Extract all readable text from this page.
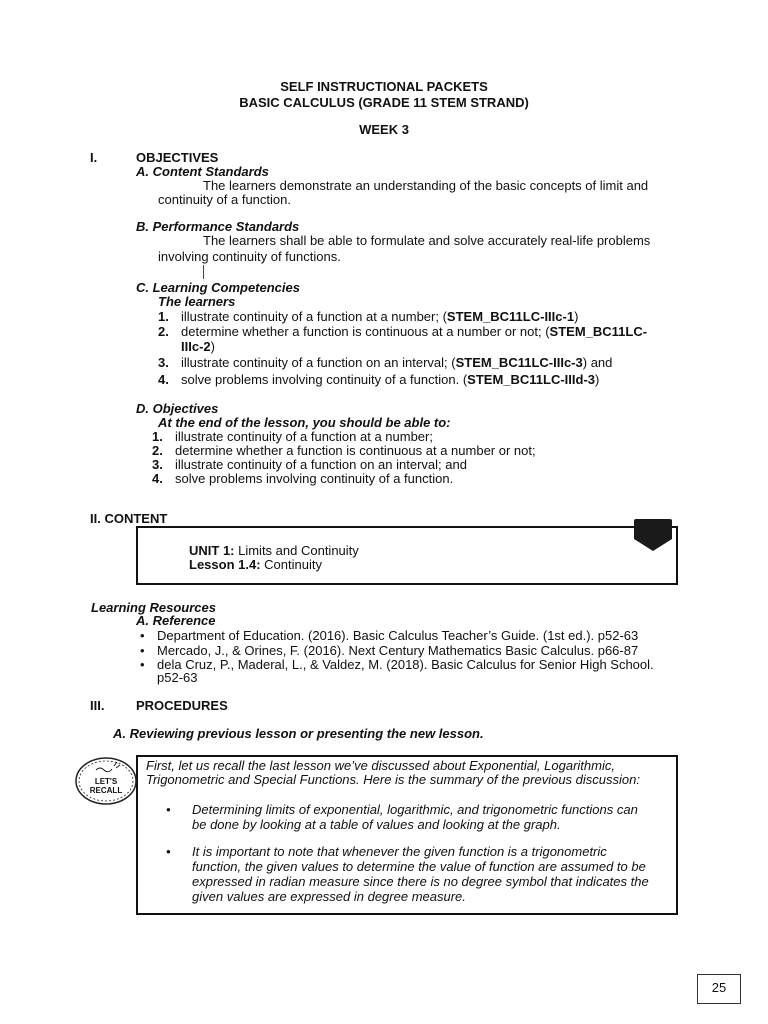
SELF INSTRUCTIONAL PACKETS
BASIC CALCULUS (GRADE 11 STEM STRAND)
WEEK 3
I.	OBJECTIVES
A. Content Standards
The learners demonstrate an understanding of the basic concepts of limit and
continuity of a function.
B. Performance Standards
The learners shall be able to formulate and solve accurately real-life problems
involving continuity of functions.
C. Learning Competencies
The learners
1. illustrate continuity of a function at a number; (STEM_BC11LC-IIIc-1)
2. determine whether a function is continuous at a number or not; (STEM_BC11LC-
IIIc-2)
3. illustrate continuity of a function on an interval; (STEM_BC11LC-IIIc-3) and
4. solve problems involving continuity of a function. (STEM_BC11LC-IIId-3)
D. Objectives
At the end of the lesson, you should be able to:
1. illustrate continuity of a function at a number;
2. determine whether a function is continuous at a number or not;
3. illustrate continuity of a function on an interval; and
4. solve problems involving continuity of a function.
II. CONTENT
UNIT 1: Limits and Continuity
Lesson 1.4: Continuity
Learning Resources
A. Reference
• Department of Education. (2016). Basic Calculus Teacher’s Guide. (1st ed.). p52-63
• Mercado, J., & Orines, F. (2016). Next Century Mathematics Basic Calculus. p66-87
• dela Cruz, P., Maderal, L., & Valdez, M. (2018). Basic Calculus for Senior High School.
p52-63
III. PROCEDURES
A. Reviewing previous lesson or presenting the new lesson.
First, let us recall the last lesson we’ve discussed about Exponential, Logarithmic,
Trigonometric and Special Functions. Here is the summary of the previous discussion:
•	Determining limits of exponential, logarithmic, and trigonometric functions can
be done by looking at a table of values and looking at the graph.
•	It is important to note that whenever the given function is a trigonometric
function, the given values to determine the value of function are assumed to be
expressed in radian measure since there is no degree symbol that indicates the
given values are expressed in degree measure.
LET'S
RECALL
25
